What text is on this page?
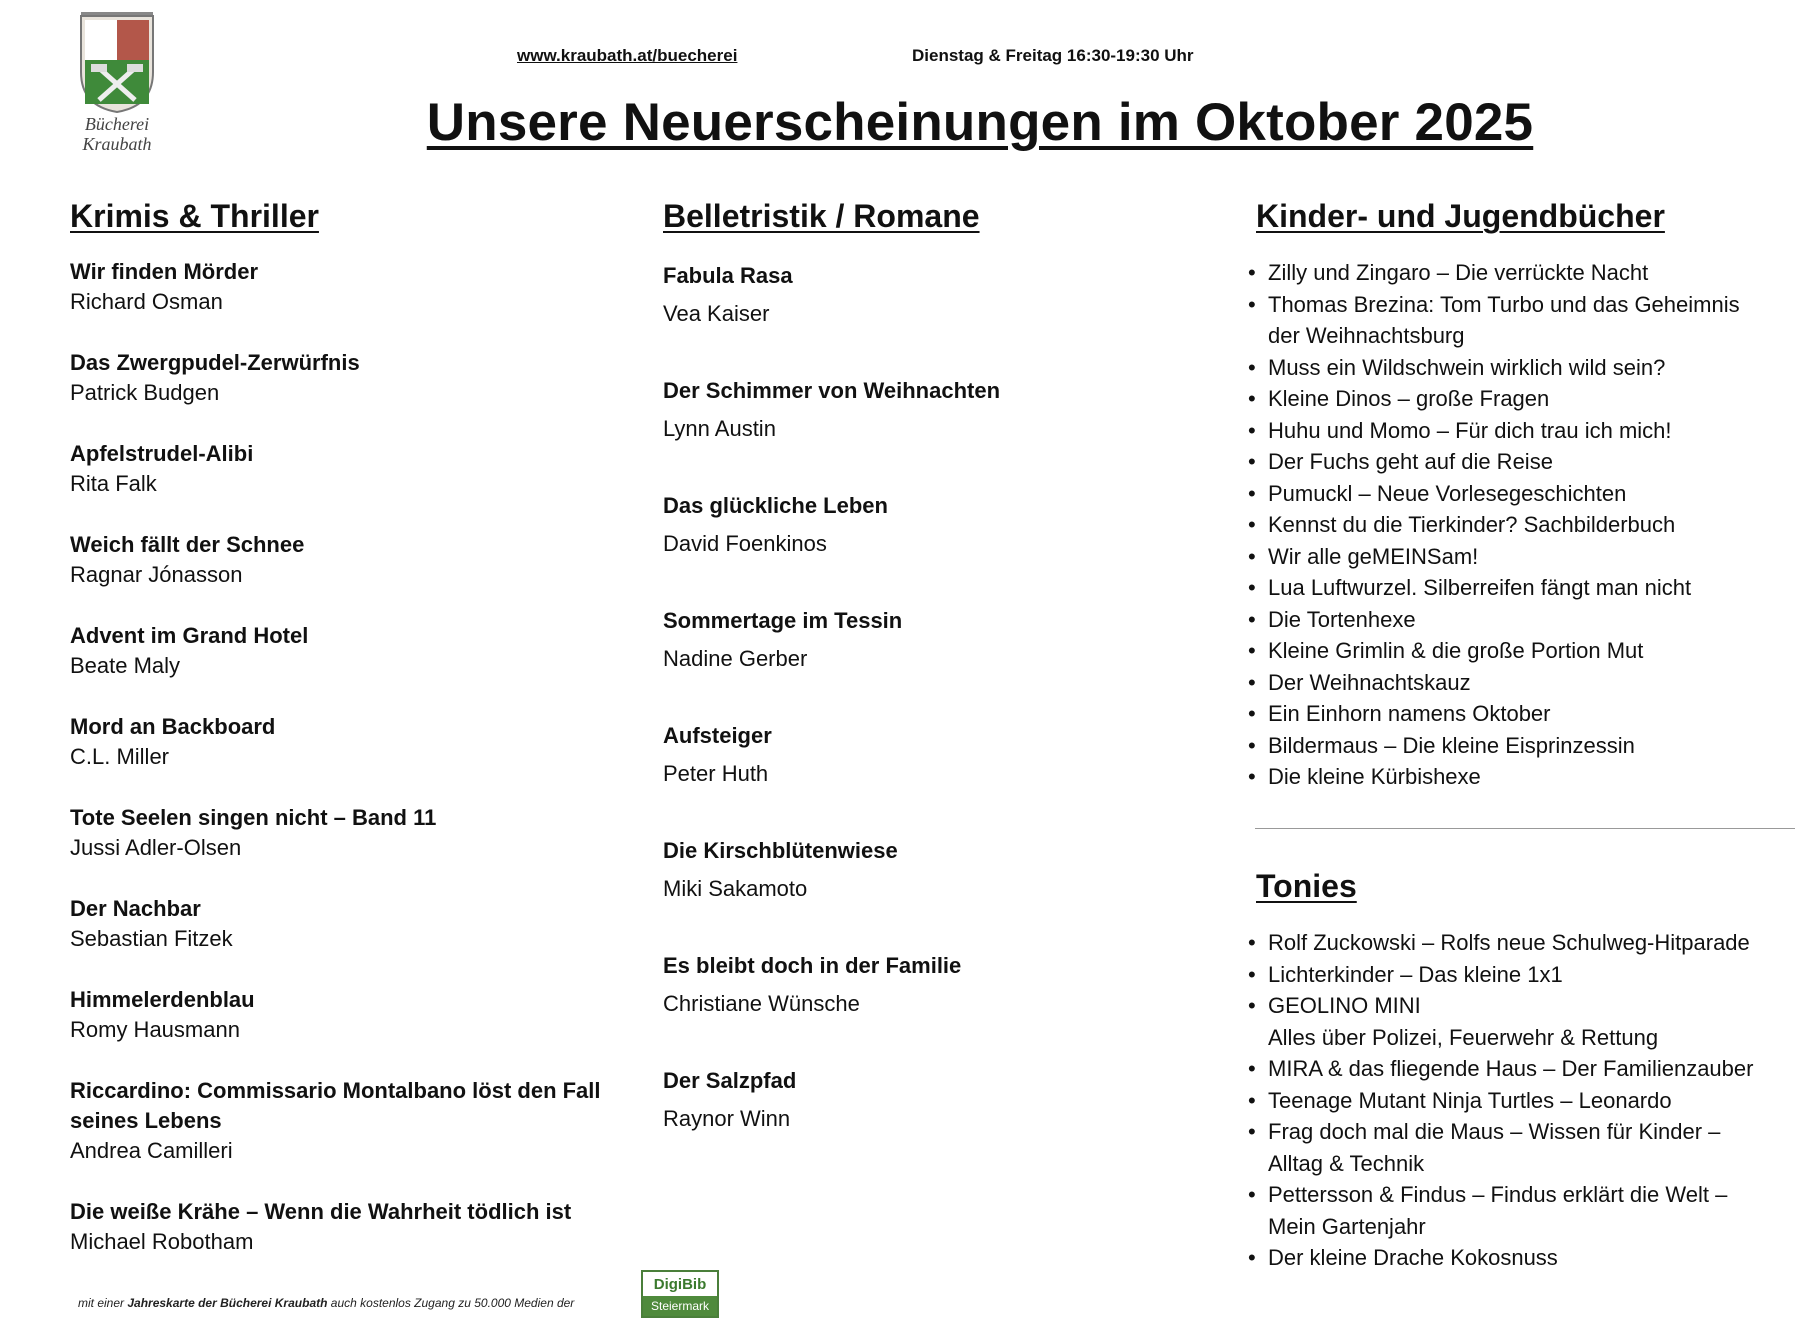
Bücherei
Kraubath
www.kraubath.at/buecherei	Dienstag & Freitag 16:30-19:30 Uhr
Unsere Neuerscheinungen im Oktober 2025
Krimis & Thriller
Wir finden Mörder
Richard Osman
Das Zwergpudel-Zerwürfnis
Patrick Budgen
Apfelstrudel-Alibi
Rita Falk
Weich fällt der Schnee
Ragnar Jónasson
Advent im Grand Hotel
Beate Maly
Mord an Backboard
C.L. Miller
Tote Seelen singen nicht – Band 11
Jussi Adler-Olsen
Der Nachbar
Sebastian Fitzek
Himmelerdenblau
Romy Hausmann
Riccardino: Commissario Montalbano löst den Fall seines Lebens
Andrea Camilleri
Die weiße Krähe – Wenn die Wahrheit tödlich ist
Michael Robotham
Belletristik / Romane
Fabula Rasa
Vea Kaiser
Der Schimmer von Weihnachten
Lynn Austin
Das glückliche Leben
David Foenkinos
Sommertage im Tessin
Nadine Gerber
Aufsteiger
Peter Huth
Die Kirschblütenwiese
Miki Sakamoto
Es bleibt doch in der Familie
Christiane Wünsche
Der Salzpfad
Raynor Winn
Kinder- und Jugendbücher
• Zilly und Zingaro – Die verrückte Nacht
• Thomas Brezina: Tom Turbo und das Geheimnis
der Weihnachtsburg
• Muss ein Wildschwein wirklich wild sein?
• Kleine Dinos – große Fragen
• Huhu und Momo – Für dich trau ich mich!
• Der Fuchs geht auf die Reise
• Pumuckl – Neue Vorlesegeschichten
• Kennst du die Tierkinder? Sachbilderbuch
• Wir alle geMEINSam!
• Lua Luftwurzel. Silberreifen fängt man nicht
• Die Tortenhexe
• Kleine Grimlin & die große Portion Mut
• Der Weihnachtskauz
• Ein Einhorn namens Oktober
• Bildermaus – Die kleine Eisprinzessin
• Die kleine Kürbishexe
Tonies
• Rolf Zuckowski – Rolfs neue Schulweg-Hitparade
• Lichterkinder – Das kleine 1x1
• GEOLINO MINI
Alles über Polizei, Feuerwehr & Rettung
• MIRA & das fliegende Haus – Der Familienzauber
• Teenage Mutant Ninja Turtles – Leonardo
• Frag doch mal die Maus – Wissen für Kinder –
Alltag & Technik
• Pettersson & Findus – Findus erklärt die Welt –
Mein Gartenjahr
• Der kleine Drache Kokosnuss
mit einer Jahreskarte der Bücherei Kraubath auch kostenlos Zugang zu 50.000 Medien der
DigiBib
Steiermark
